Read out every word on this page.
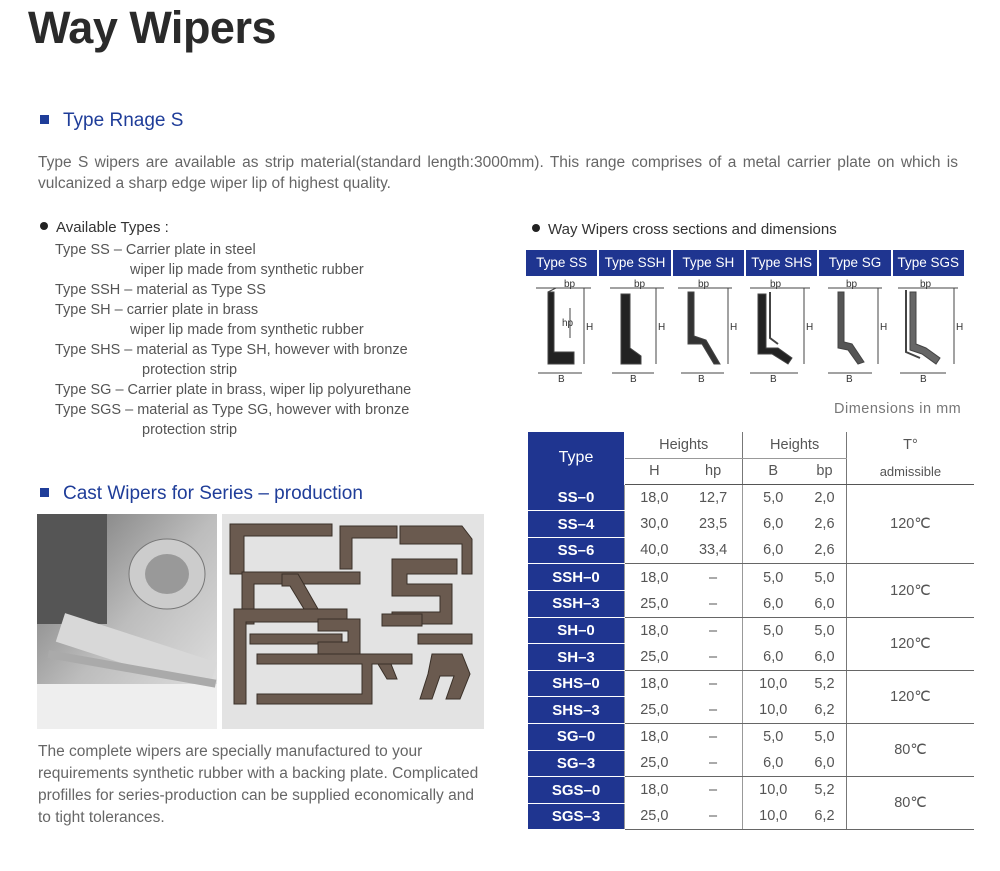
Way Wipers
Type Rnage S
Type S wipers are available as strip material(standard length:3000mm). This range comprises of a metal carrier plate on which is vulcanized a sharp edge wiper lip of highest quality.
Available Types :
Type SS – Carrier plate in steel
wiper lip made from synthetic rubber
Type SSH – material as Type SS
Type SH – carrier plate in brass
wiper lip made from synthetic rubber
Type SHS – material as Type SH, however with bronze
protection strip
Type SG – Carrier plate in brass, wiper lip polyurethane
Type SGS – material as Type SG, however with bronze
protection strip
Cast Wipers for Series – production
The complete wipers are specially manufactured to your requirements synthetic rubber with a backing plate. Complicated profilles for series-production can be supplied economically and to tight tolerances.
Way Wipers cross sections and dimensions
Type SS	Type SSH	Type SH	Type SHS	Type SG	Type SGS
bp
B
H
hp
bp
B
H
bp
B
H
bp
B
H
bp
B
H
bp
B
H
Dimensions in mm
Type	Heights		Heights		T°
	H	hp	B	bp	admissible
SS–0	18,0	12,7	5,0	2,0	120℃
SS–4	30,0	23,5	6,0	2,6	
SS–6	40,0	33,4	6,0	2,6	
SSH–0	18,0	–	5,0	5,0	120℃
SSH–3	25,0	–	6,0	6,0	
SH–0	18,0	–	5,0	5,0	120℃
SH–3	25,0	–	6,0	6,0	
SHS–0	18,0	–	10,0	5,2	120℃
SHS–3	25,0	–	10,0	6,2	
SG–0	18,0	–	5,0	5,0	80℃
SG–3	25,0	–	6,0	6,0	
SGS–0	18,0	–	10,0	5,2	80℃
SGS–3	25,0	–	10,0	6,2	
